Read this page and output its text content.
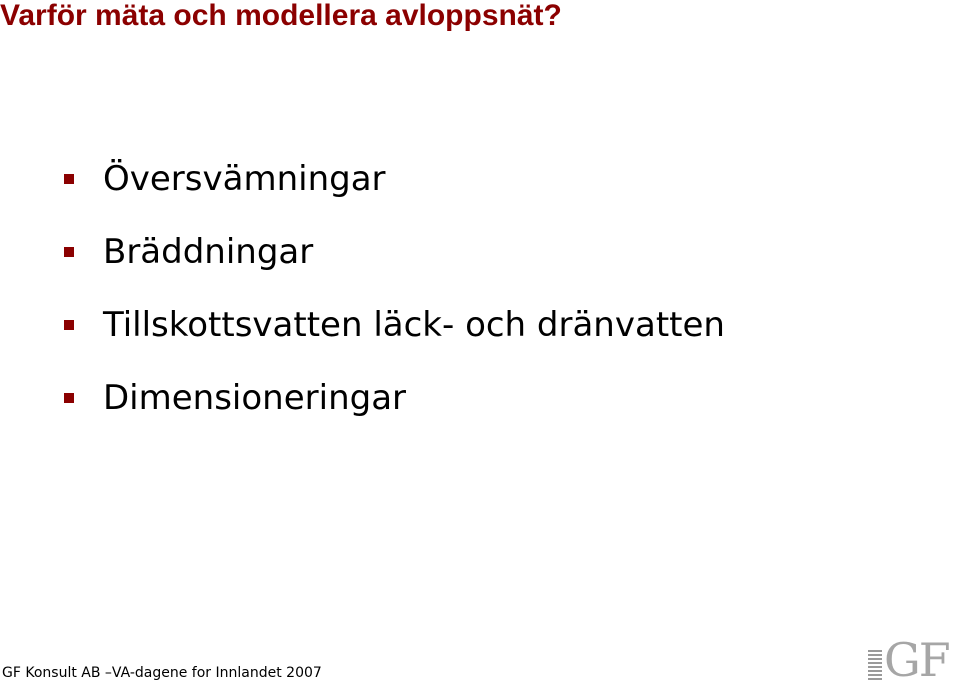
Varför mäta och modellera avloppsnät?
Översvämningar
Bräddningar
Tillskottsvatten läck- och dränvatten
Dimensioneringar
GF Konsult AB –VA-dagene for Innlandet 2007	GF
